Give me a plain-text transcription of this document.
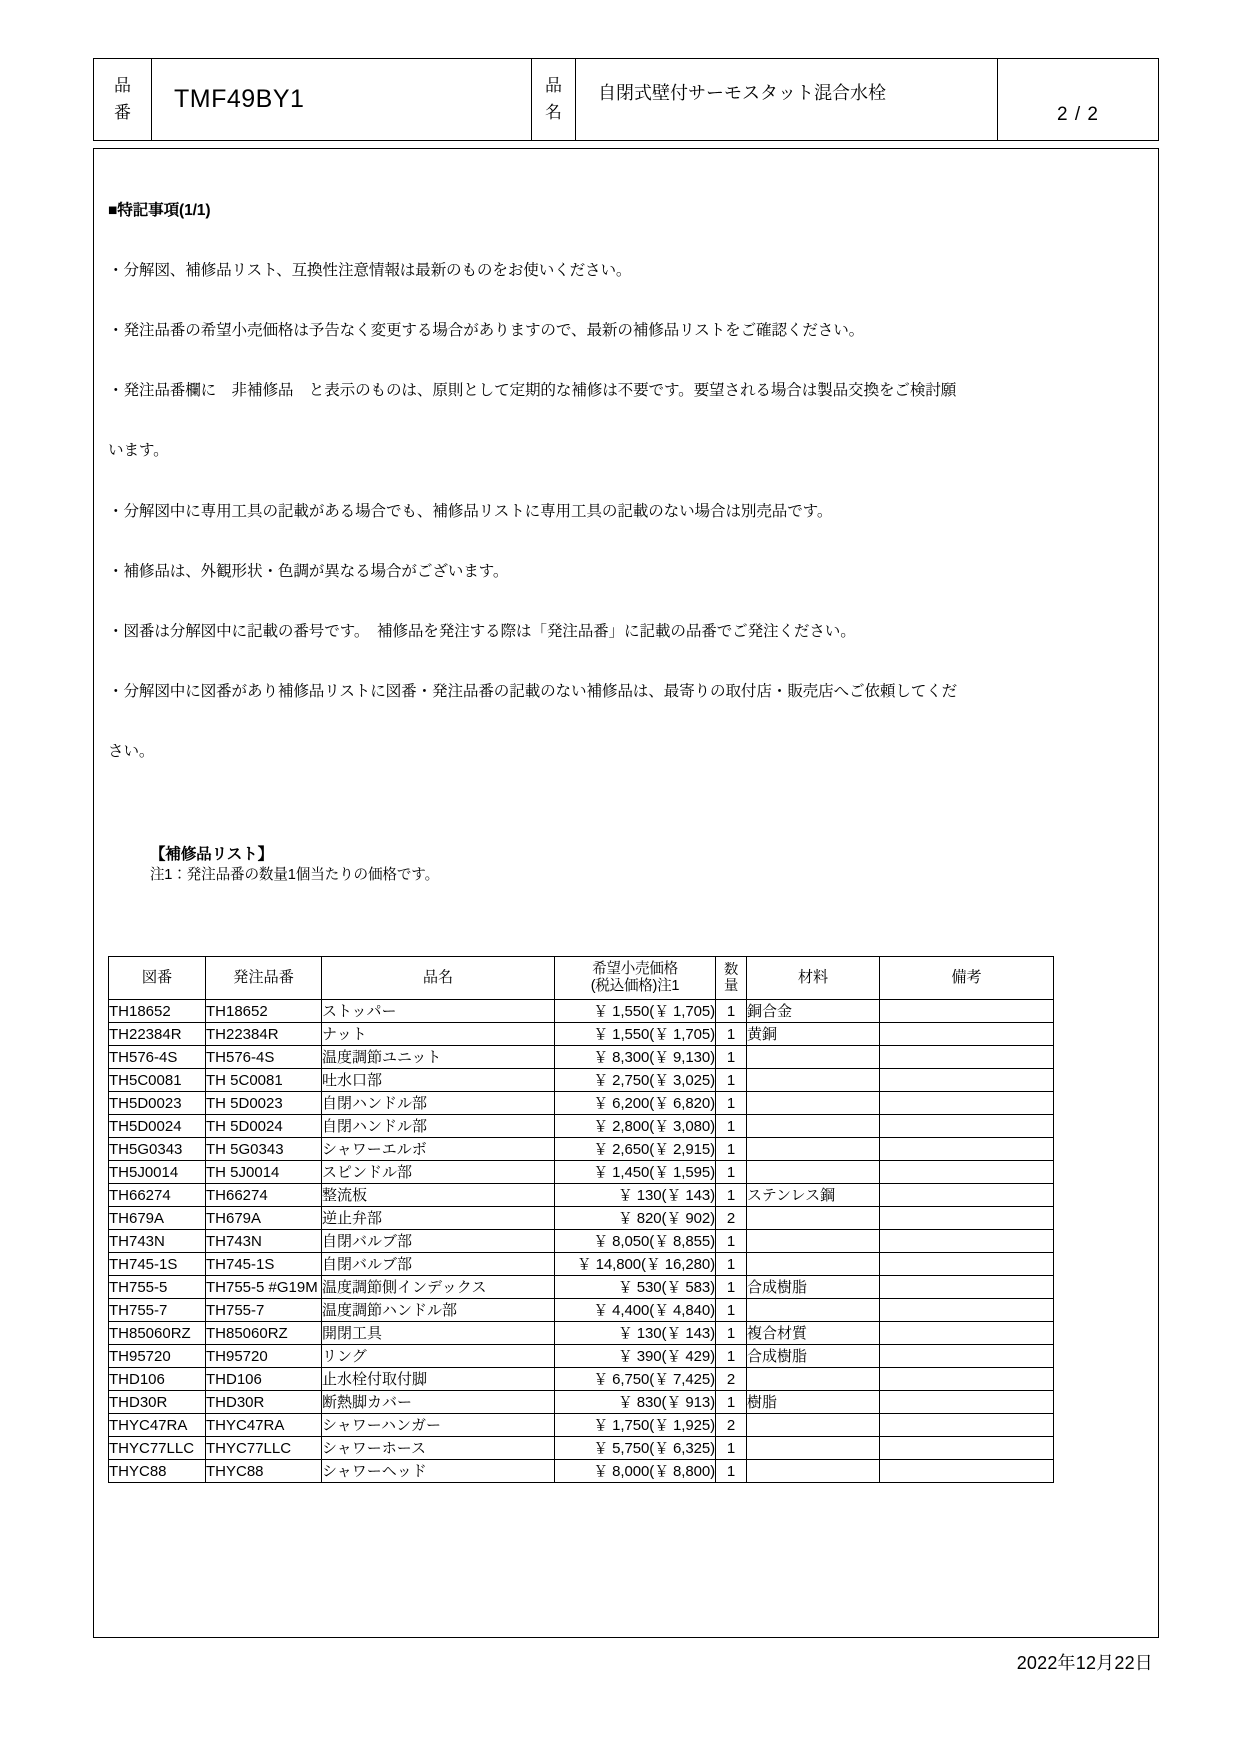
品
番	TMF49BY1	品
名
自閉式壁付サーモスタット混合水栓
2 / 2

■特記事項(1/1)

・分解図、補修品リスト、互換性注意情報は最新のものをお使いください。

・発注品番の希望小売価格は予告なく変更する場合がありますので、最新の補修品リストをご確認ください。

・発注品番欄に　非補修品　と表示のものは、原則として定期的な補修は不要です。要望される場合は製品交換をご検討願

います。

・分解図中に専用工具の記載がある場合でも、補修品リストに専用工具の記載のない場合は別売品です。

・補修品は、外観形状・色調が異なる場合がございます。

・図番は分解図中に記載の番号です。　補修品を発注する際は「発注品番」に記載の品番でご発注ください。

・分解図中に図番があり補修品リストに図番・発注品番の記載のない補修品は、最寄りの取付店・販売店へご依頼してくだ

さい。

【補修品リスト】
注1：発注品番の数量1個当たりの価格です。

図番	発注品番	品名	希望小売価格
(税込価格)注1	数
量	材料	備考
TH18652	TH18652	ストッパー	￥ 1,550(￥ 1,705)	1	銅合金	
TH22384R	TH22384R	ナット	￥ 1,550(￥ 1,705)	1	黄銅	
TH576-4S	TH576-4S	温度調節ユニット	￥ 8,300(￥ 9,130)	1		
TH5C0081	TH 5C0081	吐水口部	￥ 2,750(￥ 3,025)	1		
TH5D0023	TH 5D0023	自閉ハンドル部	￥ 6,200(￥ 6,820)	1		
TH5D0024	TH 5D0024	自閉ハンドル部	￥ 2,800(￥ 3,080)	1		
TH5G0343	TH 5G0343	シャワーエルボ	￥ 2,650(￥ 2,915)	1		
TH5J0014	TH 5J0014	スピンドル部	￥ 1,450(￥ 1,595)	1		
TH66274	TH66274	整流板	￥ 130(￥ 143)	1	ステンレス鋼	
TH679A	TH679A	逆止弁部	￥ 820(￥ 902)	2		
TH743N	TH743N	自閉バルブ部	￥ 8,050(￥ 8,855)	1		
TH745-1S	TH745-1S	自閉バルブ部	￥ 14,800(￥ 16,280)	1		
TH755-5	TH755-5 #G19M	温度調節側インデックス	￥ 530(￥ 583)	1	合成樹脂	
TH755-7	TH755-7	温度調節ハンドル部	￥ 4,400(￥ 4,840)	1		
TH85060RZ	TH85060RZ	開閉工具	￥ 130(￥ 143)	1	複合材質	
TH95720	TH95720	リング	￥ 390(￥ 429)	1	合成樹脂	
THD106	THD106	止水栓付取付脚	￥ 6,750(￥ 7,425)	2		
THD30R	THD30R	断熱脚カバー	￥ 830(￥ 913)	1	樹脂	
THYC47RA	THYC47RA	シャワーハンガー	￥ 1,750(￥ 1,925)	2		
THYC77LLC	THYC77LLC	シャワーホース	￥ 5,750(￥ 6,325)	1		
THYC88	THYC88	シャワーヘッド	￥ 8,000(￥ 8,800)	1		
2022年12月22日
